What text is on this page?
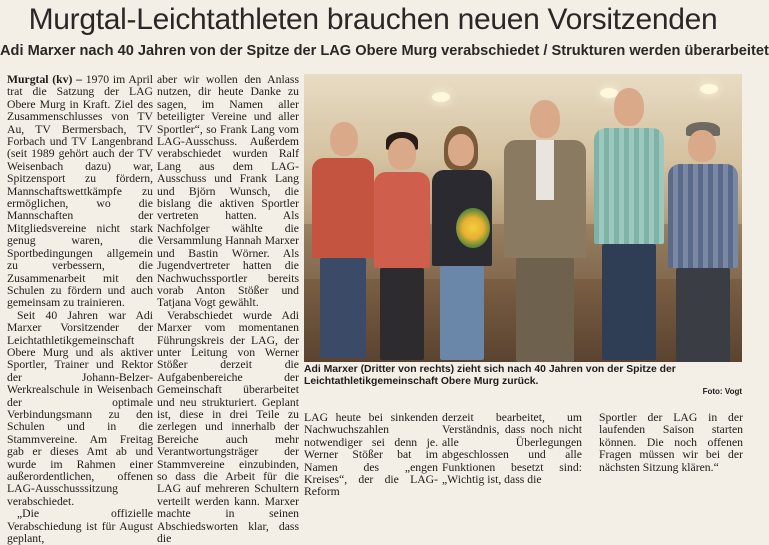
Murgtal-Leichtathleten brauchen neuen Vorsitzenden
Adi Marxer nach 40 Jahren von der Spitze der LAG Obere Murg verabschiedet / Strukturen werden überarbeitet

Murgtal (kv) – 1970 im April trat die Satzung der LAG Obere Murg in Kraft. Ziel des Zusammenschlusses von TV Au, TV Bermersbach, TV Forbach und TV Langenbrand (seit 1989 gehört auch der TV Weisenbach dazu) war, Spitzensport zu fördern, Mannschaftswettkämpfe zu ermöglichen, wo die Mannschaften der Mitgliedsvereine nicht stark genug waren, die Sportbedingungen allgemein zu verbessern, die Zusammenarbeit mit den Schulen zu fördern und auch gemeinsam zu trainieren.

Seit 40 Jahren war Adi Marxer Vorsitzender der Leichtathletikgemeinschaft Obere Murg und als aktiver Sportler, Trainer und Rektor der Johann-Belzer-Werkrealschule in Weisenbach der optimale Verbindungsmann zu den Schulen und in die Stammvereine. Am Freitag gab er dieses Amt ab und wurde im Rahmen einer außerordentlichen, offenen LAG-Ausschusssitzung verabschiedet.

„Die offizielle Verabschiedung ist für August geplant,

aber wir wollen den Anlass nutzen, dir heute Danke zu sagen, im Namen aller beteiligter Vereine und aller Sportler“, so Frank Lang vom LAG-Ausschuss. Außerdem verabschiedet wurden Ralf Lang aus dem LAG-Ausschuss und Frank Lang und Björn Wunsch, die bislang die aktiven Sportler vertreten hatten. Als Nachfolger wählte die Versammlung Hannah Marxer und Bastin Wörner. Als Jugendvertreter hatten die Nachwuchssportler bereits vorab Anton Stößer und Tatjana Vogt gewählt.

Verabschiedet wurde Adi Marxer vom momentanen Führungskreis der LAG, der unter Leitung von Werner Stößer derzeit die Aufgabenbereiche der Gemeinschaft überarbeitet und neu strukturiert. Geplant ist, diese in drei Teile zu zerlegen und innerhalb der Bereiche auch mehr Verantwortungsträger der Stammvereine einzubinden, so dass die Arbeit für die LAG auf mehreren Schultern verteilt werden kann. Marxer machte in seinen Abschiedsworten klar, dass die

Adi Marxer (Dritter von rechts) zieht sich nach 40 Jahren von der Spitze der Leichtathletikgemeinschaft Obere Murg zurück.
Foto: Vogt

LAG heute bei sinkenden Nachwuchszahlen notwendiger sei denn je. Werner Stößer bat im Namen des „engen Kreises“, der die LAG-Reform

derzeit bearbeitet, um Verständnis, dass noch nicht alle Überlegungen abgeschlossen und alle Funktionen besetzt sind: „Wichtig ist, dass die

Sportler der LAG in der laufenden Saison starten können. Die noch offenen Fragen müssen wir bei der nächsten Sitzung klären.“
